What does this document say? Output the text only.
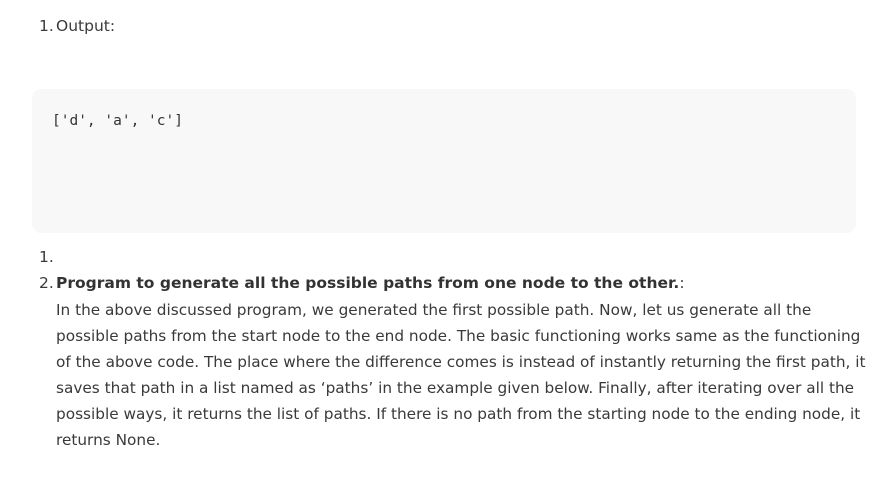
1. Output:
['d', 'a', 'c']
1.
2. Program to generate all the possible paths from one node to the other.:
In the above discussed program, we generated the first possible path. Now, let us generate all the
possible paths from the start node to the end node. The basic functioning works same as the functioning
of the above code. The place where the difference comes is instead of instantly returning the first path, it
saves that path in a list named as ‘paths’ in the example given below. Finally, after iterating over all the
possible ways, it returns the list of paths. If there is no path from the starting node to the ending node, it
returns None.
